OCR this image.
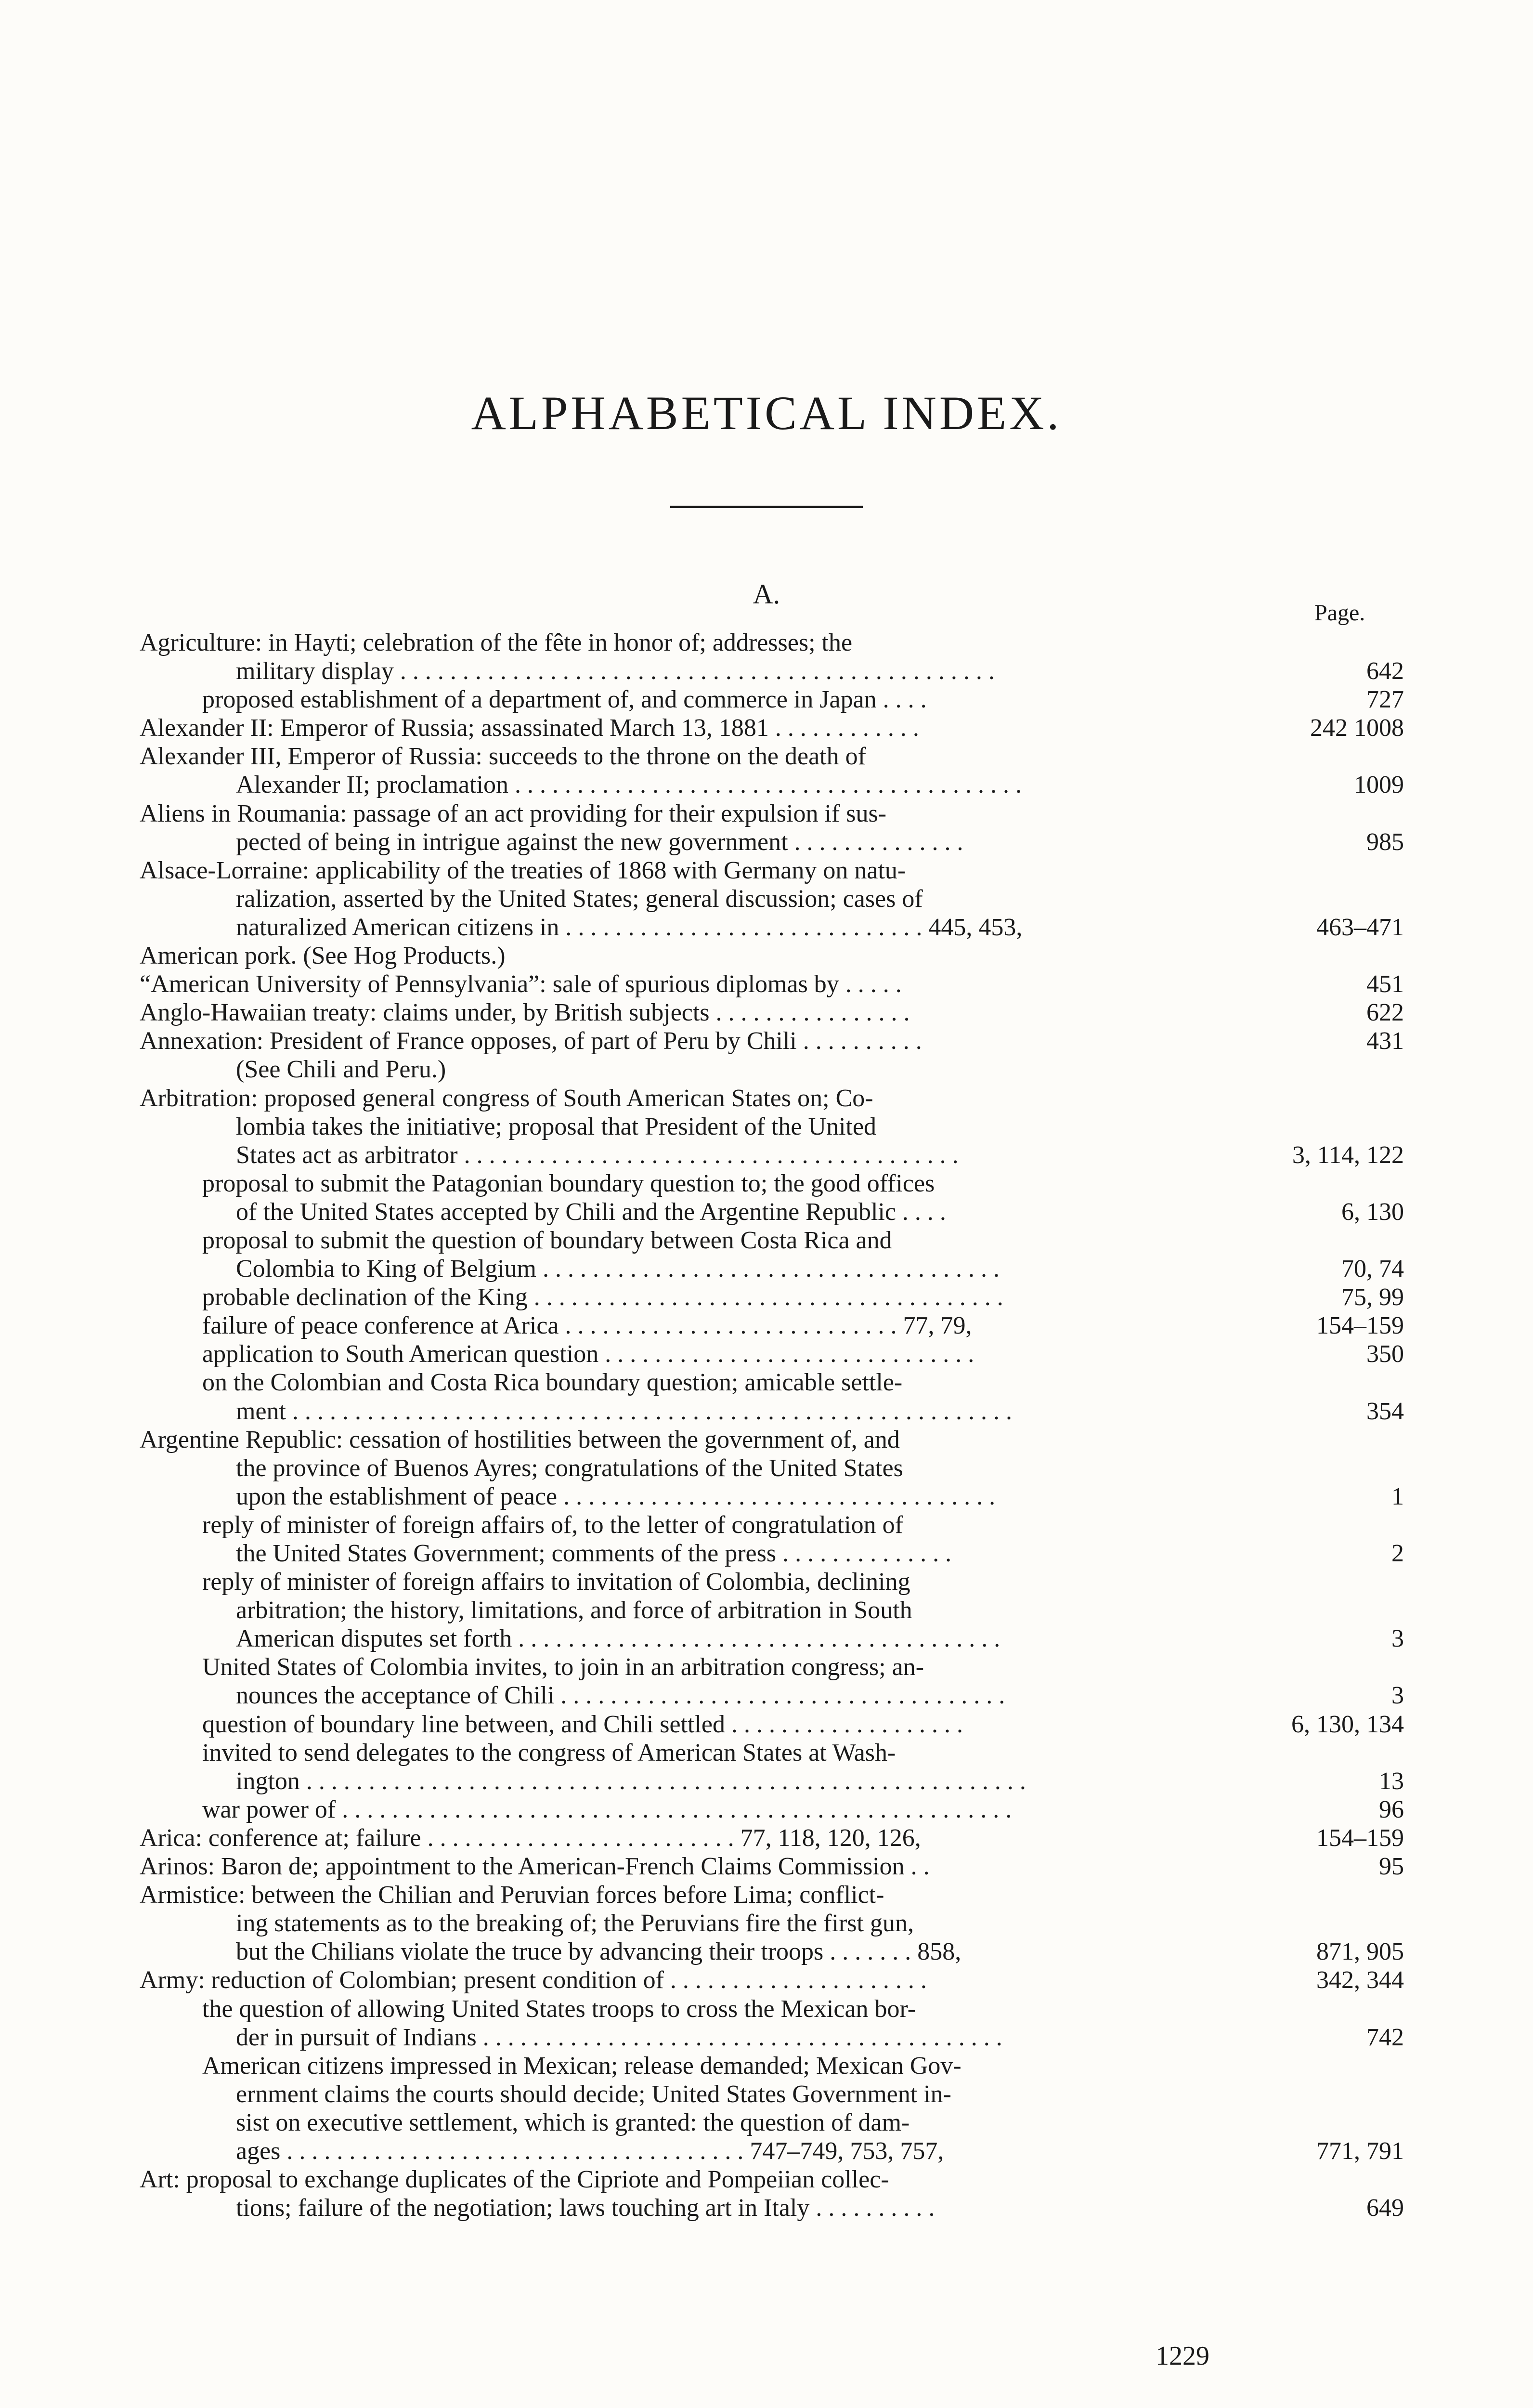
ALPHABETICAL INDEX.
A.
Page.
Agriculture: in Hayti; celebration of the fête in honor of; addresses; the
military display . . . . . . . . . . . . . . . . . . . . . . . . . . . . . . . . . . . . . . . . . . . . . . . .	642
proposed establishment of a department of, and commerce in Japan . . . .	727
Alexander II: Emperor of Russia; assassinated March 13, 1881 . . . . . . . . . . . .	242 1008
Alexander III, Emperor of Russia: succeeds to the throne on the death of
Alexander II; proclamation . . . . . . . . . . . . . . . . . . . . . . . . . . . . . . . . . . . . . . . . .	1009
Aliens in Roumania: passage of an act providing for their expulsion if sus-
pected of being in intrigue against the new government . . . . . . . . . . . . . .	985
Alsace-Lorraine: applicability of the treaties of 1868 with Germany on natu-
ralization, asserted by the United States; general discussion; cases of
naturalized American citizens in . . . . . . . . . . . . . . . . . . . . . . . . . . . . . 445, 453,	463–471
American pork. (See Hog Products.)
“American University of Pennsylvania”: sale of spurious diplomas by . . . . .	451
Anglo-Hawaiian treaty: claims under, by British subjects . . . . . . . . . . . . . . . .	622
Annexation: President of France opposes, of part of Peru by Chili . . . . . . . . . .	431
(See Chili and Peru.)
Arbitration: proposed general congress of South American States on; Co-
lombia takes the initiative; proposal that President of the United
States act as arbitrator . . . . . . . . . . . . . . . . . . . . . . . . . . . . . . . . . . . . . . . .	3, 114, 122
proposal to submit the Patagonian boundary question to; the good offices
of the United States accepted by Chili and the Argentine Republic . . . .	6, 130
proposal to submit the question of boundary between Costa Rica and
Colombia to King of Belgium . . . . . . . . . . . . . . . . . . . . . . . . . . . . . . . . . . . . .	70, 74
probable declination of the King . . . . . . . . . . . . . . . . . . . . . . . . . . . . . . . . . . . . . .	75, 99
failure of peace conference at Arica . . . . . . . . . . . . . . . . . . . . . . . . . . . 77, 79,	154–159
application to South American question . . . . . . . . . . . . . . . . . . . . . . . . . . . . . .	350
on the Colombian and Costa Rica boundary question; amicable settle-
ment . . . . . . . . . . . . . . . . . . . . . . . . . . . . . . . . . . . . . . . . . . . . . . . . . . . . . . . . . .	354
Argentine Republic: cessation of hostilities between the government of, and
the province of Buenos Ayres; congratulations of the United States
upon the establishment of peace . . . . . . . . . . . . . . . . . . . . . . . . . . . . . . . . . . .	1
reply of minister of foreign affairs of, to the letter of congratulation of
the United States Government; comments of the press . . . . . . . . . . . . . .	2
reply of minister of foreign affairs to invitation of Colombia, declining
arbitration; the history, limitations, and force of arbitration in South
American disputes set forth . . . . . . . . . . . . . . . . . . . . . . . . . . . . . . . . . . . . . . .	3
United States of Colombia invites, to join in an arbitration congress; an-
nounces the acceptance of Chili . . . . . . . . . . . . . . . . . . . . . . . . . . . . . . . . . . . .	3
question of boundary line between, and Chili settled . . . . . . . . . . . . . . . . . . .	6, 130, 134
invited to send delegates to the congress of American States at Wash-
ington . . . . . . . . . . . . . . . . . . . . . . . . . . . . . . . . . . . . . . . . . . . . . . . . . . . . . . . . . .	13
war power of . . . . . . . . . . . . . . . . . . . . . . . . . . . . . . . . . . . . . . . . . . . . . . . . . . . . . .	96
Arica: conference at; failure . . . . . . . . . . . . . . . . . . . . . . . . . 77, 118, 120, 126,	154–159
Arinos: Baron de; appointment to the American-French Claims Commission . .	95
Armistice: between the Chilian and Peruvian forces before Lima; conflict-
ing statements as to the breaking of; the Peruvians fire the first gun,
but the Chilians violate the truce by advancing their troops . . . . . . . 858,	871, 905
Army: reduction of Colombian; present condition of . . . . . . . . . . . . . . . . . . . . .	342, 344
the question of allowing United States troops to cross the Mexican bor-
der in pursuit of Indians . . . . . . . . . . . . . . . . . . . . . . . . . . . . . . . . . . . . . . . . . .	742
American citizens impressed in Mexican; release demanded; Mexican Gov-
ernment claims the courts should decide; United States Government in-
sist on executive settlement, which is granted: the question of dam-
ages . . . . . . . . . . . . . . . . . . . . . . . . . . . . . . . . . . . . . 747–749, 753, 757,	771, 791
Art: proposal to exchange duplicates of the Cipriote and Pompeiian collec-
tions; failure of the negotiation; laws touching art in Italy . . . . . . . . . .	649
1229
